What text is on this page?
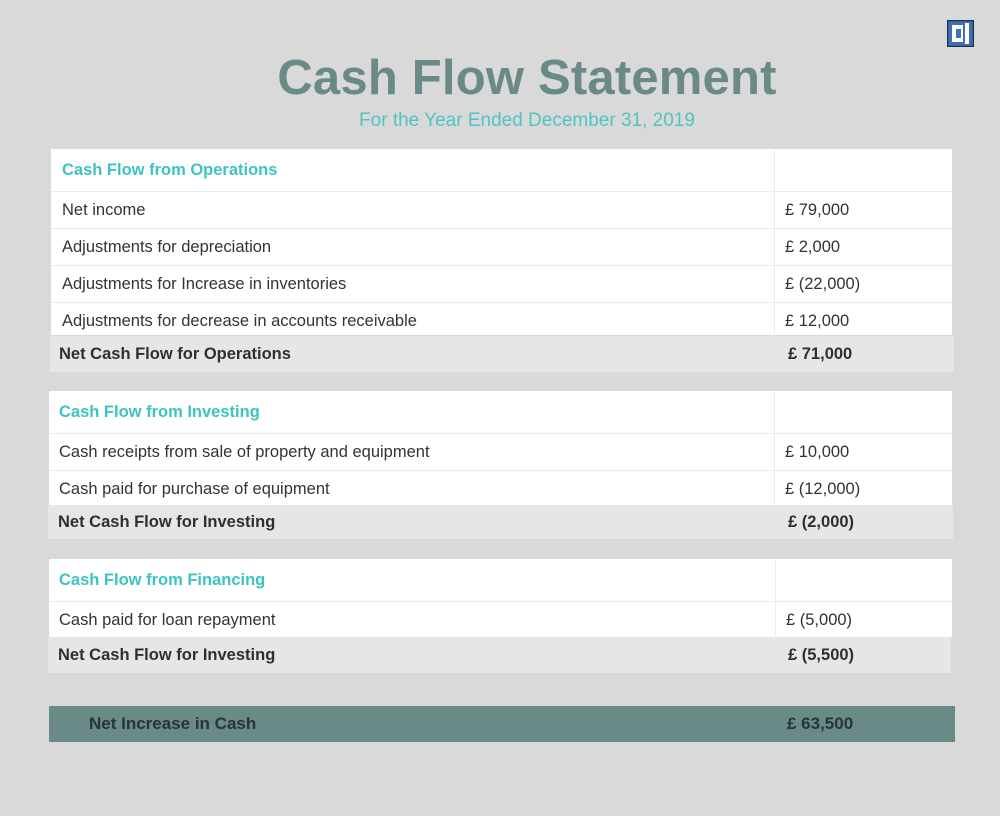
Cash Flow Statement
For the Year Ended December 31, 2019
Cash Flow from Operations
Net income	£ 79,000
Adjustments for depreciation	£ 2,000
Adjustments for Increase in inventories	£ (22,000)
Adjustments for decrease in accounts receivable	£ 12,000
Net Cash Flow for Operations	£ 71,000
Cash Flow from Investing
Cash receipts from sale of property and equipment	£ 10,000
Cash paid for purchase of equipment	£ (12,000)
Net Cash Flow for Investing	£ (2,000)
Cash Flow from Financing
Cash paid for loan repayment	£ (5,000)
Net Cash Flow for Investing	£ (5,500)
Net Increase in Cash	£ 63,500
